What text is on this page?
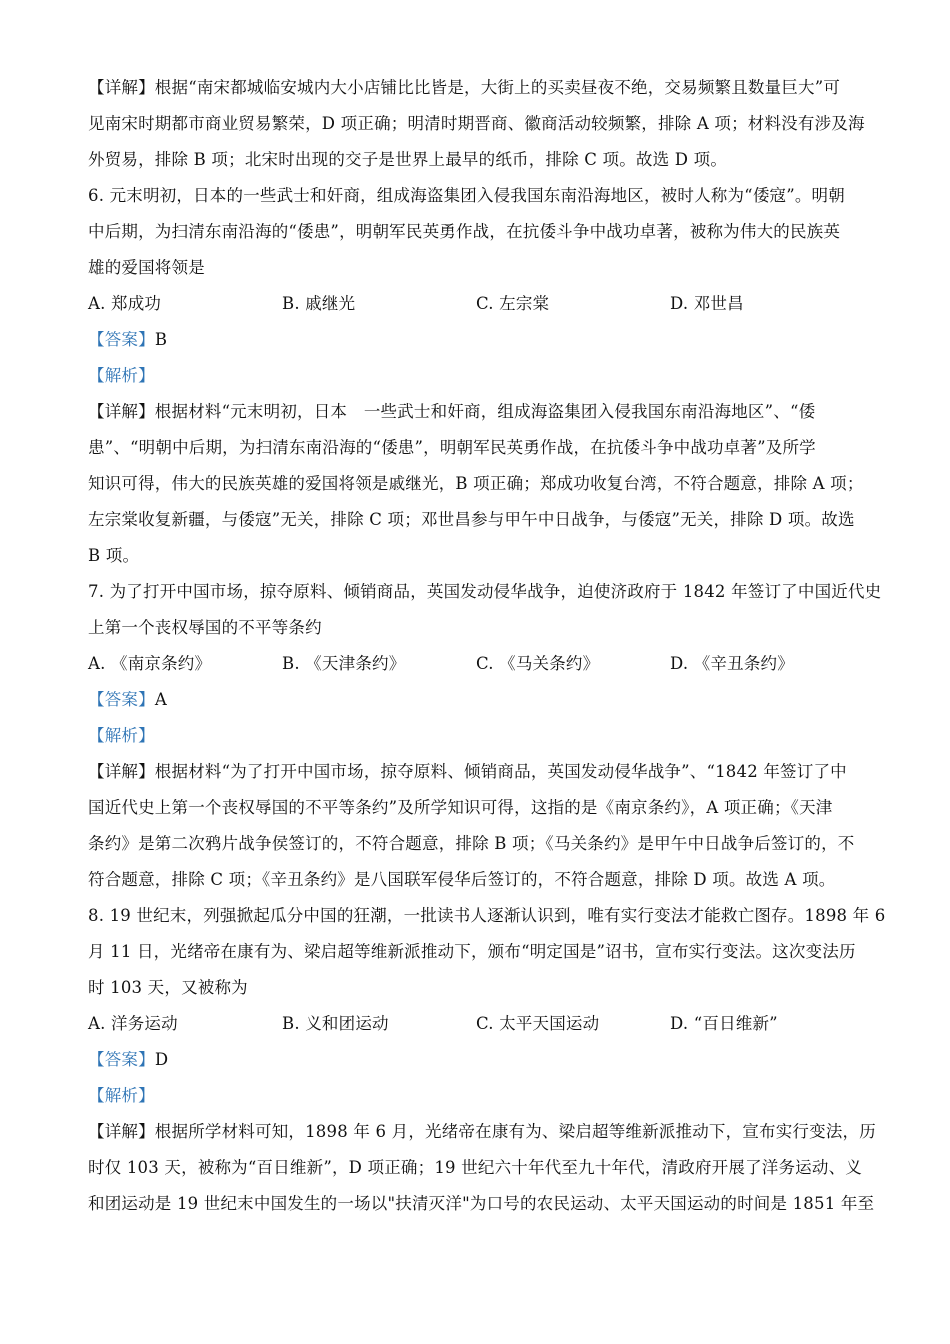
【详解】根据“南宋都城临安城内大小店铺比比皆是，大街上的买卖昼夜不绝，交易频繁且数量巨大”可
见南宋时期都市商业贸易繁荣，D 项正确；明清时期晋商、徽商活动较频繁，排除 A 项；材料没有涉及海
外贸易，排除 B 项；北宋时出现的交子是世界上最早的纸币，排除 C 项。故选 D 项。
6. 元末明初，日本的一些武士和奸商，组成海盗集团入侵我国东南沿海地区，被时人称为“倭寇”。明朝
中后期，为扫清东南沿海的“倭患”，明朝军民英勇作战，在抗倭斗争中战功卓著，被称为伟大的民族英
雄的爱国将领是
A. 郑成功	B. 戚继光	C. 左宗棠	D. 邓世昌
【答案】B
【解析】
【详解】根据材料“元末明初，日本　一些武士和奸商，组成海盗集团入侵我国东南沿海地区”、“倭
患”、“明朝中后期，为扫清东南沿海的“倭患”，明朝军民英勇作战，在抗倭斗争中战功卓著”及所学
知识可得，伟大的民族英雄的爱国将领是戚继光，B 项正确；郑成功收复台湾，不符合题意，排除 A 项；
左宗棠收复新疆，与倭寇”无关，排除 C 项；邓世昌参与甲午中日战争，与倭寇”无关，排除 D 项。故选
B 项。
7. 为了打开中国市场，掠夺原料、倾销商品，英国发动侵华战争，迫使济政府于 1842 年签订了中国近代史
上第一个丧权辱国的不平等条约
A. 《南京条约》	B. 《天津条约》	C. 《马关条约》	D. 《辛丑条约》
【答案】A
【解析】
【详解】根据材料“为了打开中国市场，掠夺原料、倾销商品，英国发动侵华战争”、“1842 年签订了中
国近代史上第一个丧权辱国的不平等条约”及所学知识可得，这指的是《南京条约》，A 项正确；《天津
条约》是第二次鸦片战争侯签订的，不符合题意，排除 B 项；《马关条约》是甲午中日战争后签订的，不
符合题意，排除 C 项；《辛丑条约》是八国联军侵华后签订的，不符合题意，排除 D 项。故选 A 项。
8. 19 世纪末，列强掀起瓜分中国的狂潮，一批读书人逐渐认识到，唯有实行变法才能救亡图存。1898 年 6
月 11 日，光绪帝在康有为、梁启超等维新派推动下，颁布“明定国是”诏书，宣布实行变法。这次变法历
时 103 天，又被称为
A. 洋务运动	B. 义和团运动	C. 太平天国运动	D. “百日维新”
【答案】D
【解析】
【详解】根据所学材料可知，1898 年 6 月，光绪帝在康有为、梁启超等维新派推动下，宣布实行变法，历
时仅 103 天，被称为“百日维新”，D 项正确；19 世纪六十年代至九十年代，清政府开展了洋务运动、义
和团运动是 19 世纪末中国发生的一场以"扶清灭洋"为口号的农民运动、太平天国运动的时间是 1851 年至
